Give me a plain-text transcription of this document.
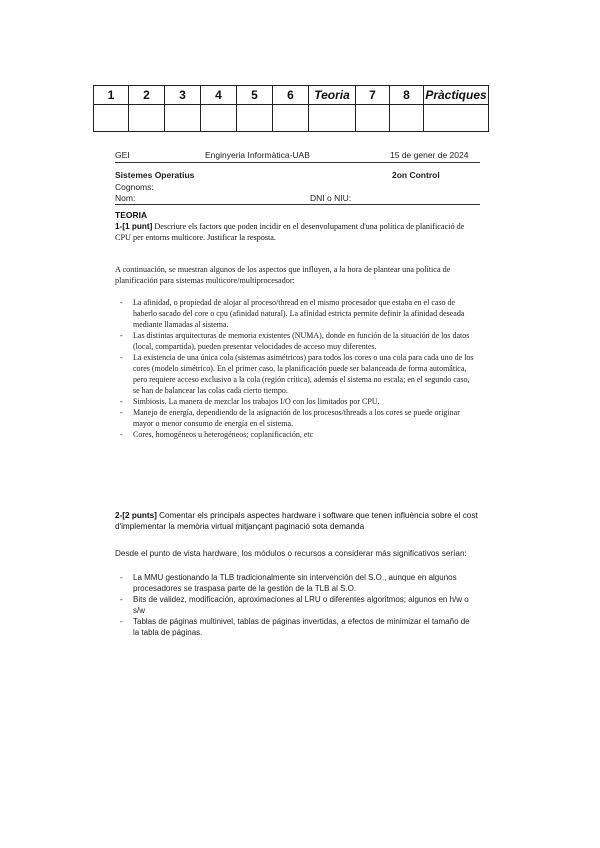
1	2	3	4	5	6	Teoria	7	8	Pràctiques

GEI	Enginyeria Informàtica-UAB	15 de gener de 2024
Sistemes Operatius	2on Control
Cognoms:
Nom:	DNI o NIU:
TEORIA
1-[1 punt] Descriure els factors que poden incidir en el desenvolupament d'una política de planificació de CPU per entorns multicore. Justificar la resposta.
A continuación, se muestran algunos de los aspectos que influyen, a la hora de plantear una política de planificación para sistemas multicore/multiprocesador:
- La afinidad, o propiedad de alojar al proceso/thread en el mismo procesador que estaba en el caso de haberlo sacado del core o cpu (afinidad natural). La afinidad estricta permite definir la afinidad deseada mediante llamadas al sistema.
- Las distintas arquitecturas de memoria existentes (NUMA), donde en función de la situación de los datos (local, compartida), pueden presentar velocidades de acceso muy diferentes.
- La existencia de una única cola (sistemas asimétricos) para todos los cores o una cola para cada uno de los cores (modelo simétrico). En el primer caso, la planificación puede ser balanceada de forma automática, pero requiere acceso exclusivo a la cola (región crítica), además el sistema no escala; en el segundo caso, se han de balancear las colas cada cierto tiempo.
- Simbiosis. La manera de mezclar los trabajos I/O con los limitados por CPU.
- Manejo de energía, dependiendo de la asignación de los procesos/threads a los cores se puede originar mayor o menor consumo de energía en el sistema.
- Cores, homogéneos u heterogéneos; coplanificación, etc
2-[2 punts] Comentar els principals aspectes hardware i software que tenen influència sobre el cost d'implementar la memòria virtual mitjançant paginació sota demanda
Desde el punto de vista hardware, los módulos o recursos a considerar más significativos serían:
- La MMU gestionando la TLB tradicionalmente sin intervención del S.O., aunque en algunos procesadores se traspasa parte de la gestión de la TLB al S.O.
- Bits de validez, modificación, aproximaciones al LRU o diferentes algoritmos; algunos en h/w o s/w
- Tablas de páginas multinivel, tablas de páginas invertidas, a efectos de minimizar el tamaño de la tabla de páginas.
